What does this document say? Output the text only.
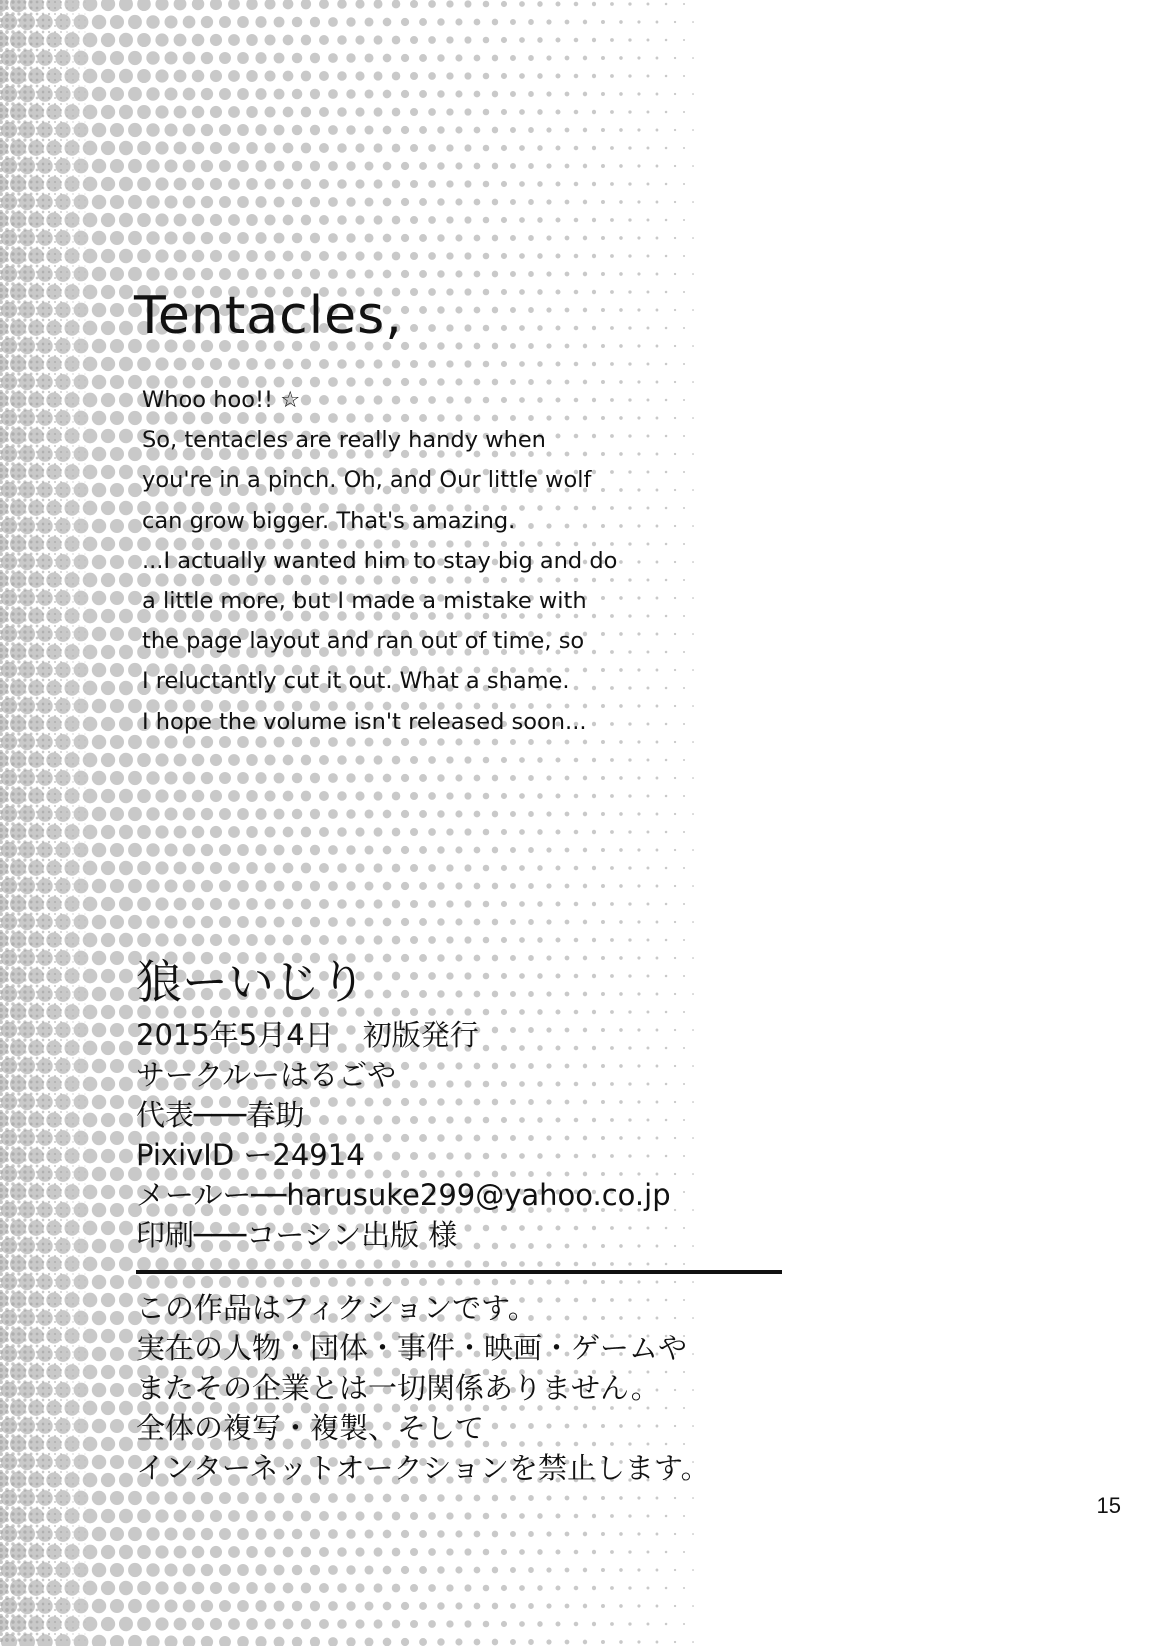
Tentacles,
Whoo hoo!! ☆
So, tentacles are really handy when
you're in a pinch. Oh, and Our little wolf
can grow bigger. That's amazing.
...I actually wanted him to stay big and do
a little more, but I made a mistake with
the page layout and ran out of time, so
I reluctantly cut it out. What a shame.
I hope the volume isn't released soon...
狼ーいじり
2015年5月4日　初版発行
サークルーはるごや
代表───春助
PixivID ー24914
メールー──harusuke299@yahoo.co.jp
印刷───コーシン出版 様
この作品はフィクションです。
実在の人物・団体・事件・映画・ゲームや
またその企業とは一切関係ありません。
全体の複写・複製、そして
インターネットオークションを禁止します。
15
